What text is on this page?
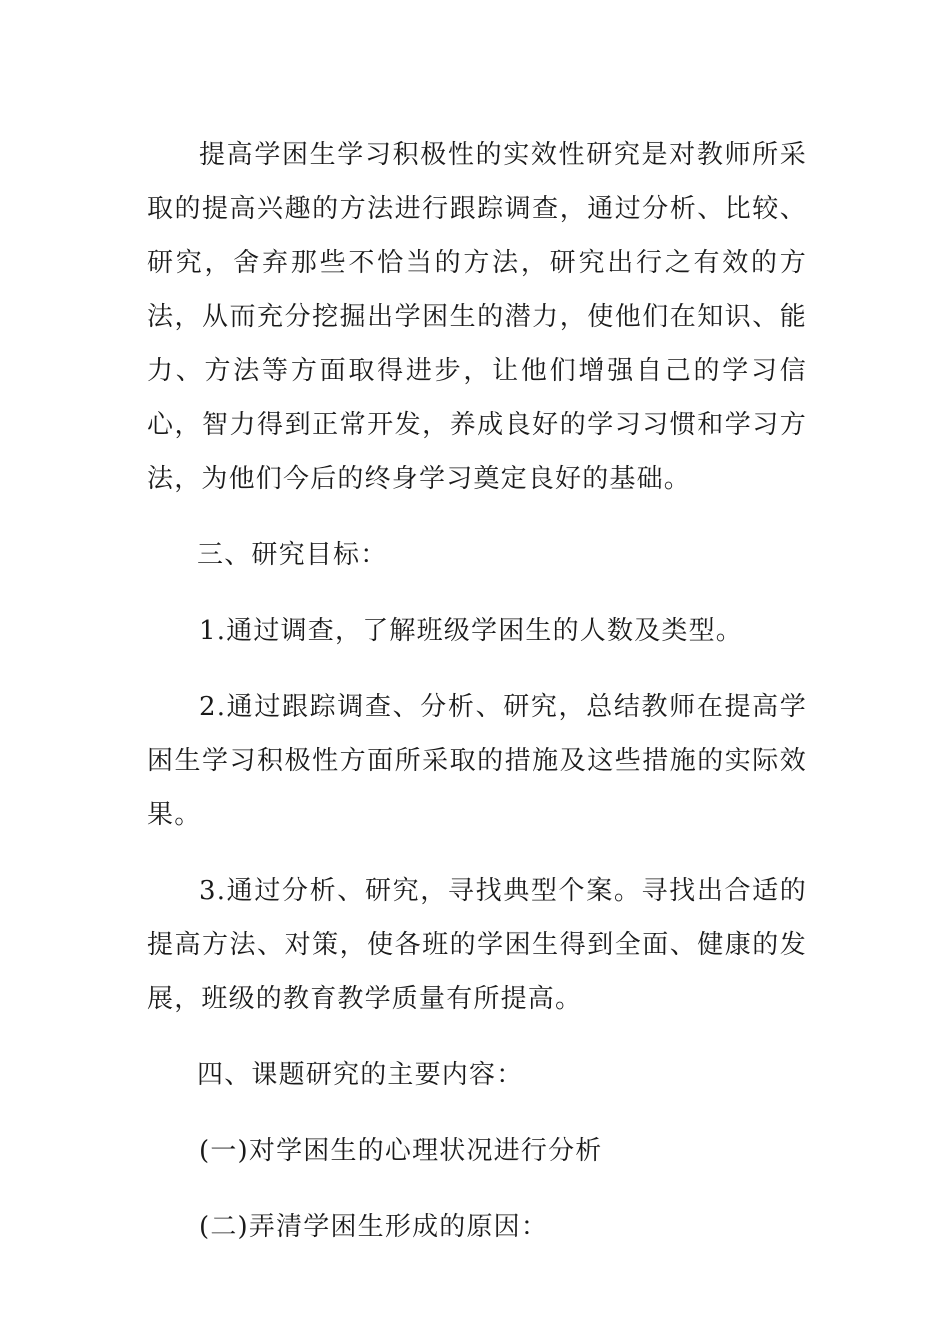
提高学困生学习积极性的实效性研究是对教师所采取的提高兴趣的方法进行跟踪调查，通过分析、比较、研究，舍弃那些不恰当的方法，研究出行之有效的方法，从而充分挖掘出学困生的潜力，使他们在知识、能力、方法等方面取得进步，让他们增强自己的学习信心，智力得到正常开发，养成良好的学习习惯和学习方法，为他们今后的终身学习奠定良好的基础。

三、研究目标：

1.通过调查，了解班级学困生的人数及类型。

2.通过跟踪调查、分析、研究，总结教师在提高学困生学习积极性方面所采取的措施及这些措施的实际效果。

3.通过分析、研究，寻找典型个案。寻找出合适的提高方法、对策，使各班的学困生得到全面、健康的发展，班级的教育教学质量有所提高。

四、课题研究的主要内容：

(一)对学困生的心理状况进行分析

(二)弄清学困生形成的原因：
